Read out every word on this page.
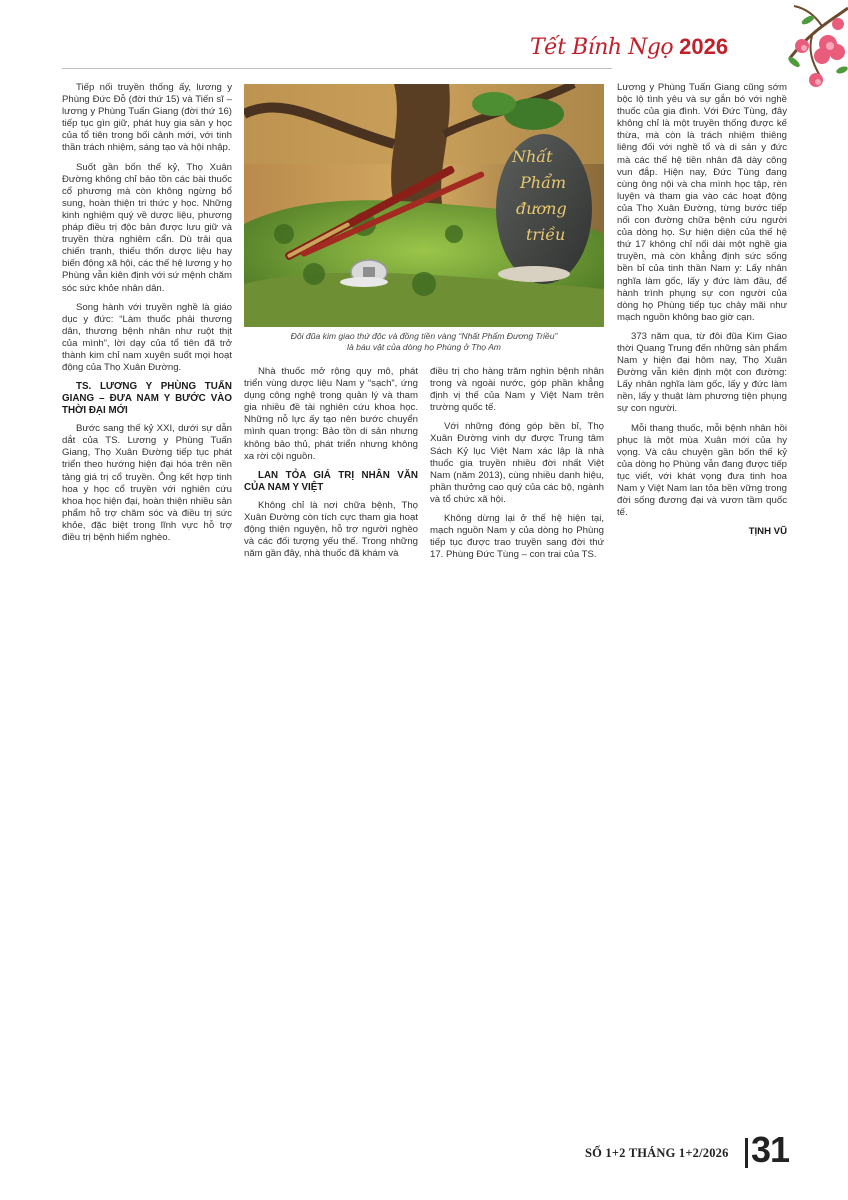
Tết Bính Ngọ 2026
Nhất
Phẩm
đương
triều
Đôi đũa kim giao thứ độc và đồng tiền vàng “Nhất Phẩm Đương Triều”
là báu vật của dòng họ Phùng ở Thọ Am

Tiếp nối truyền thống ấy, lương y Phùng Đức Đỗ (đời thứ 15) và Tiến sĩ – lương y Phùng Tuấn Giang (đời thứ 16) tiếp tục gìn giữ, phát huy gia sản y học của tổ tiên trong bối cảnh mới, với tinh thần trách nhiệm, sáng tạo và hội nhập.

Suốt gần bốn thế kỷ, Thọ Xuân Đường không chỉ bảo tồn các bài thuốc cổ phương mà còn không ngừng bổ sung, hoàn thiện tri thức y học. Những kinh nghiệm quý về dược liệu, phương pháp điều trị độc bản được lưu giữ và truyền thừa nghiêm cẩn. Dù trải qua chiến tranh, thiếu thốn dược liệu hay biến động xã hội, các thế hệ lương y họ Phùng vẫn kiên định với sứ mệnh chăm sóc sức khỏe nhân dân.

Song hành với truyền nghề là giáo dục y đức: “Làm thuốc phải thương dân, thương bệnh nhân như ruột thịt của mình”, lời dạy của tổ tiên đã trở thành kim chỉ nam xuyên suốt mọi hoạt động của Thọ Xuân Đường.

TS. LƯƠNG Y PHÙNG TUẤN GIANG – ĐƯA NAM Y BƯỚC VÀO THỜI ĐẠI MỚI

Bước sang thế kỷ XXI, dưới sự dẫn dắt của TS. Lương y Phùng Tuấn Giang, Thọ Xuân Đường tiếp tục phát triển theo hướng hiện đại hóa trên nền tảng giá trị cổ truyền. Ông kết hợp tinh hoa y học cổ truyền với nghiên cứu khoa học hiện đại, hoàn thiện nhiều sản phẩm hỗ trợ chăm sóc và điều trị sức khỏe, đặc biệt trong lĩnh vực hỗ trợ điều trị bệnh hiểm nghèo.

Nhà thuốc mở rộng quy mô, phát triển vùng dược liệu Nam y “sạch”, ứng dụng công nghệ trong quản lý và tham gia nhiều đề tài nghiên cứu khoa học. Những nỗ lực ấy tạo nên bước chuyển mình quan trọng: Bảo tồn di sản nhưng không bảo thủ, phát triển nhưng không xa rời cội nguồn.

LAN TỎA GIÁ TRỊ NHÂN VĂN CỦA NAM Y VIỆT

Không chỉ là nơi chữa bệnh, Thọ Xuân Đường còn tích cực tham gia hoạt động thiện nguyện, hỗ trợ người nghèo và các đối tượng yếu thế. Trong những năm gần đây, nhà thuốc đã khám và

điều trị cho hàng trăm nghìn bệnh nhân trong và ngoài nước, góp phần khẳng định vị thế của Nam y Việt Nam trên trường quốc tế.

Với những đóng góp bền bỉ, Thọ Xuân Đường vinh dự được Trung tâm Sách Kỷ lục Việt Nam xác lập là nhà thuốc gia truyền nhiều đời nhất Việt Nam (năm 2013), cùng nhiều danh hiệu, phần thưởng cao quý của các bộ, ngành và tổ chức xã hội.

Không dừng lại ở thế hệ hiện tại, mạch nguồn Nam y của dòng họ Phùng tiếp tục được trao truyền sang đời thứ 17. Phùng Đức Tùng – con trai của TS.

Lương y Phùng Tuấn Giang cũng sớm bộc lộ tình yêu và sự gắn bó với nghề thuốc của gia đình. Với Đức Tùng, đây không chỉ là một truyền thống được kế thừa, mà còn là trách nhiệm thiêng liêng đối với nghề tổ và di sản y đức mà các thế hệ tiền nhân đã dày công vun đắp. Hiện nay, Đức Tùng đang cùng ông nội và cha mình học tập, rèn luyện và tham gia vào các hoạt động của Thọ Xuân Đường, từng bước tiếp nối con đường chữa bệnh cứu người của dòng họ. Sự hiện diện của thế hệ thứ 17 không chỉ nối dài một nghề gia truyền, mà còn khẳng định sức sống bền bỉ của tinh thần Nam y: Lấy nhân nghĩa làm gốc, lấy y đức làm đầu, để hành trình phụng sự con người của dòng họ Phùng tiếp tục chảy mãi như mạch nguồn không bao giờ cạn.

373 năm qua, từ đôi đũa Kim Giao thời Quang Trung đến những sản phẩm Nam y hiện đại hôm nay, Thọ Xuân Đường vẫn kiên định một con đường: Lấy nhân nghĩa làm gốc, lấy y đức làm nền, lấy y thuật làm phương tiện phụng sự con người.

Mỗi thang thuốc, mỗi bệnh nhân hồi phục là một mùa Xuân mới của hy vọng. Và câu chuyện gần bốn thế kỷ của dòng họ Phùng vẫn đang được tiếp tục viết, với khát vọng đưa tinh hoa Nam y Việt Nam lan tỏa bền vững trong đời sống đương đại và vươn tầm quốc tế.

TỊNH VŨ
SỐ 1+2 THÁNG 1+2/2026 31
